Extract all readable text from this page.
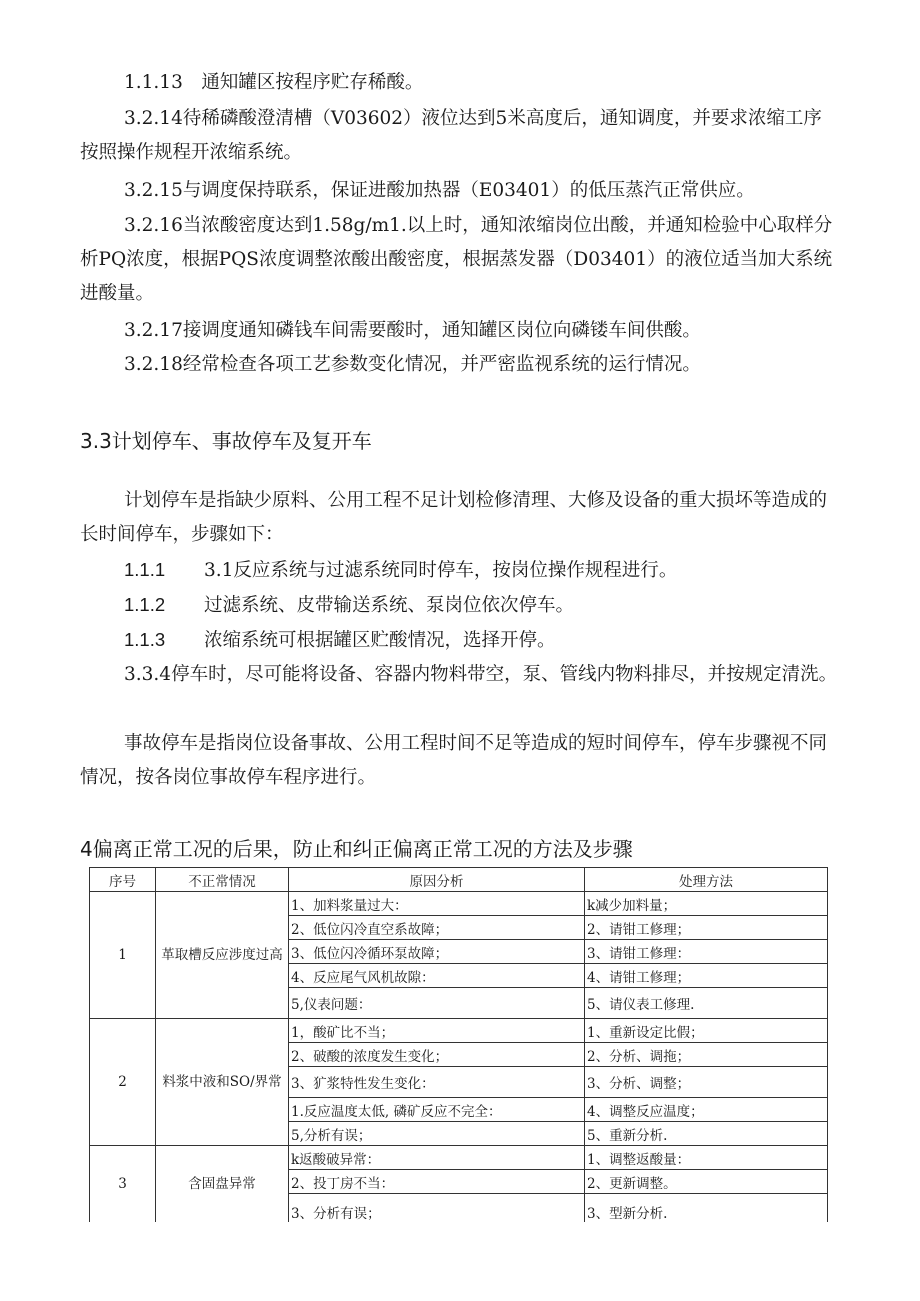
1.1.13　通知罐区按程序贮存稀酸。
3.2.14待稀磷酸澄清槽（V03602）液位达到5米高度后，通知调度，并要求浓缩工序按照操作规程开浓缩系统。
3.2.15与调度保持联系，保证进酸加热器（E03401）的低压蒸汽正常供应。
3.2.16当浓酸密度达到1.58g/m1.以上时，通知浓缩岗位出酸，并通知检验中心取样分析PQ浓度，根据PQS浓度调整浓酸出酸密度，根据蒸发器（D03401）的液位适当加大系统进酸量。
3.2.17接调度通知磷钱车间需要酸时，通知罐区岗位向磷镂车间供酸。
3.2.18经常检查各项工艺参数变化情况，并严密监视系统的运行情况。
3.3计划停车、事故停车及复开车
计划停车是指缺少原料、公用工程不足计划检修清理、大修及设备的重大损坏等造成的长时间停车，步骤如下：
1.1.1 3.1反应系统与过滤系统同时停车，按岗位操作规程进行。
1.1.2 过滤系统、皮带输送系统、泵岗位依次停车。
1.1.3 浓缩系统可根据罐区贮酸情况，选择开停。
3.3.4停车时，尽可能将设备、容器内物料带空，泵、管线内物料排尽，并按规定清洗。
事故停车是指岗位设备事故、公用工程时间不足等造成的短时间停车，停车步骤视不同情况，按各岗位事故停车程序进行。
4偏离正常工况的后果，防止和纠正偏离正常工况的方法及步骤
序号	不正常情况	原因分析	处理方法
1	革取槽反应涉度过高	1、加料浆量过大：	k减少加料量；
		2、低位闪冷直空系故障；	2、请钳工修理；
		3、低位闪冷循环泵故障；	3、请钳工修理：
		4、反应尾气风机故隙：	4、请钳工修理；
		5,仪表问题：	5、请仪表工修理.
2	料浆中液和SO/界常	1，酸矿比不当；	1、重新设定比假；
		2、破酸的浓度发生变化；	2、分析、调拖；
		3、犷浆特性发生变化：	3、分析、调整；
		1.反应温度太低, 磷矿反应不完全：	4、调整反应温度；
		5,分析有误；	5、重新分析.
3	含固盘异常	k返酸破异常：	1、调整返酸量：
		2、投丁房不当：	2、更新调整。
		3、分析有误；	3、型新分析.
